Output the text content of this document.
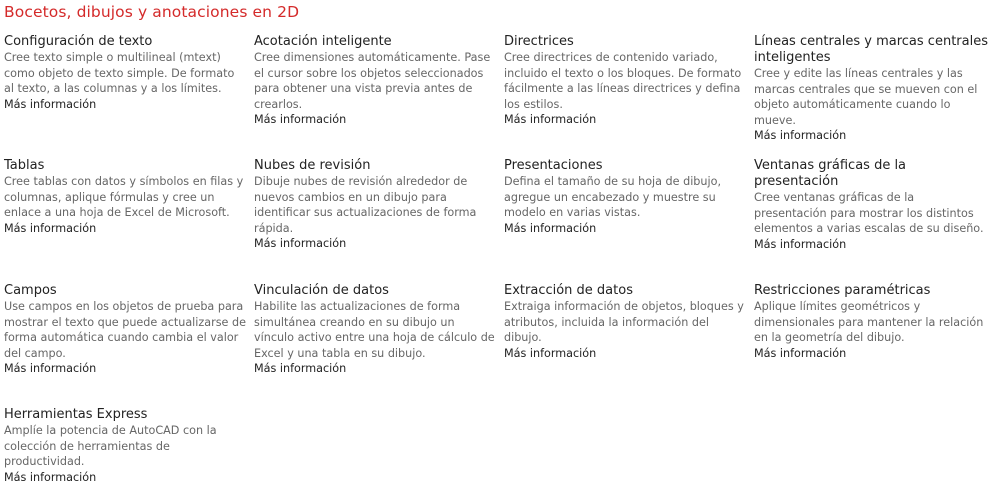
Bocetos, dibujos y anotaciones en 2D
Configuración de texto
Cree texto simple o multilineal (mtext) como objeto de texto simple. De formato al texto, a las columnas y a los límites.
Más información
Acotación inteligente
Cree dimensiones automáticamente. Pase el cursor sobre los objetos seleccionados para obtener una vista previa antes de crearlos.
Más información
Directrices
Cree directrices de contenido variado, incluido el texto o los bloques. De formato fácilmente a las líneas directrices y defina los estilos.
Más información
Líneas centrales y marcas centrales inteligentes
Cree y edite las líneas centrales y las marcas centrales que se mueven con el objeto automáticamente cuando lo mueve.
Más información
Tablas
Cree tablas con datos y símbolos en filas y columnas, aplique fórmulas y cree un enlace a una hoja de Excel de Microsoft.
Más información
Nubes de revisión
Dibuje nubes de revisión alrededor de nuevos cambios en un dibujo para identificar sus actualizaciones de forma rápida.
Más información
Presentaciones
Defina el tamaño de su hoja de dibujo, agregue un encabezado y muestre su modelo en varias vistas.
Más información
Ventanas gráficas de la presentación
Cree ventanas gráficas de la presentación para mostrar los distintos elementos a varias escalas de su diseño.
Más información
Campos
Use campos en los objetos de prueba para mostrar el texto que puede actualizarse de forma automática cuando cambia el valor del campo.
Más información
Vinculación de datos
Habilite las actualizaciones de forma simultánea creando en su dibujo un vínculo activo entre una hoja de cálculo de Excel y una tabla en su dibujo.
Más información
Extracción de datos
Extraiga información de objetos, bloques y atributos, incluida la información del dibujo.
Más información
Restricciones paramétricas
Aplique límites geométricos y dimensionales para mantener la relación en la geometría del dibujo.
Más información
Herramientas Express
Amplíe la potencia de AutoCAD con la colección de herramientas de productividad.
Más información
